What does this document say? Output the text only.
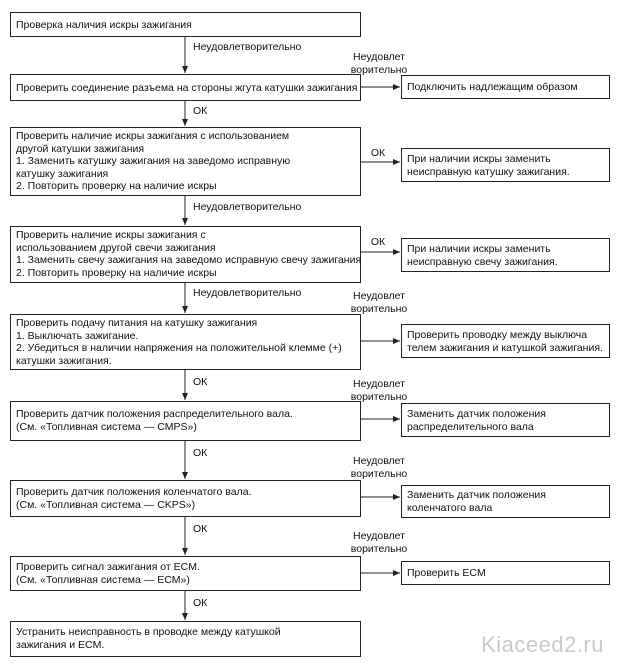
Проверка наличия искры зажигания
Проверить соединение разъема на стороны жгута катушки зажигания
Проверить наличие искры зажигания с использованием
другой катушки зажигания
1. Заменить катушку зажигания на заведомо исправную
катушку зажигания
2. Повторить проверку на наличие искры
Проверить наличие искры зажигания с
использованием другой свечи зажигания
1. Заменить свечу зажигания на заведомо исправную свечу зажигания
2. Повторить проверку на наличие искры
Проверить подачу питания на катушку зажигания
1. Выключать зажигание.
2. Убедиться в наличии напряжения на положительной клемме (+)
катушки зажигания.
Проверить датчик положения распределительного вала.
(См. «Топливная система — CMPS»)
Проверить датчик положения коленчатого вала.
(См. «Топливная система — CKPS»)
Проверить сигнал зажигания от ECM.
(См. «Топливная система — ECM»)
Устранить неисправность в проводке между катушкой
зажигания и ECM.
Подключить надлежащим образом
При наличии искры заменить
неисправную катушку зажигания.
При наличии искры заменить
неисправную свечу зажигания.
Проверить проводку между выключа
телем зажигания и катушкой зажигания.
Заменить датчик положения
распределительного вала
Заменить датчик положения
коленчатого вала
Проверить ECM
Неудовлетворительно
ОК
Неудовлетворительно
Неудовлетворительно
ОК
ОК
ОК
ОК
Неудовлет
ворительно
ОК
ОК
Неудовлет
ворительно
Неудовлет
ворительно
Неудовлет
ворительно
Неудовлет
ворительно
Kiaceed2.ru
